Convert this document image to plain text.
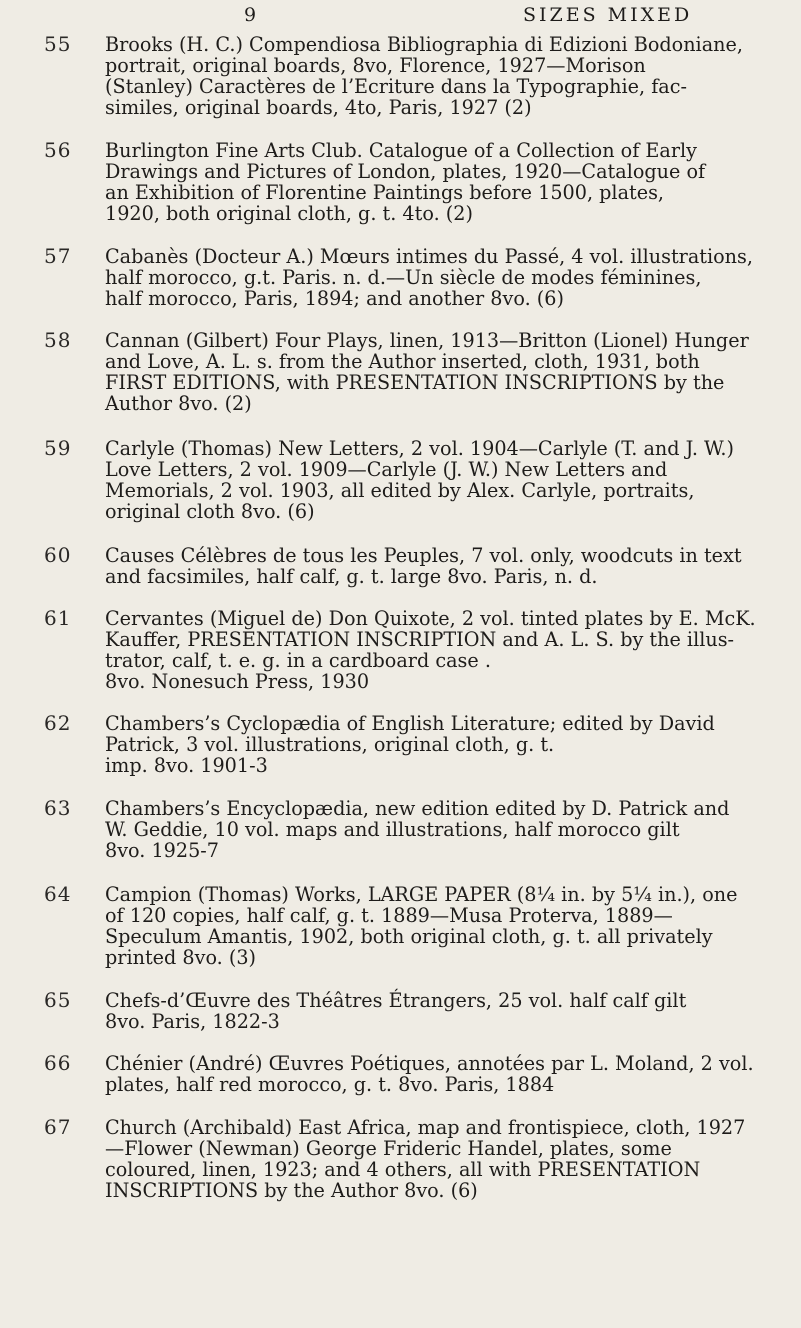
9	SIZES MIXED
55 Brooks (H. C.) Compendiosa Bibliographia di Edizioni Bodoniane,
portrait, original boards, 8vo, Florence, 1927—Morison
(Stanley) Caractères de l’Ecriture dans la Typographie, fac-
similes, original boards, 4to, Paris, 1927 (2)
56 Burlington Fine Arts Club. Catalogue of a Collection of Early
Drawings and Pictures of London, plates, 1920—Catalogue of
an Exhibition of Florentine Paintings before 1500, plates,
1920, both original cloth, g. t. 4to. (2)
57 Cabanès (Docteur A.) Mœurs intimes du Passé, 4 vol. illustrations,
half morocco, g.t. Paris. n. d.—Un siècle de modes féminines,
half morocco, Paris, 1894; and another 8vo. (6)
58 Cannan (Gilbert) Four Plays, linen, 1913—Britton (Lionel) Hunger
and Love, A. L. s. from the Author inserted, cloth, 1931, both
FIRST EDITIONS, with PRESENTATION INSCRIPTIONS by the
Author 8vo. (2)
59 Carlyle (Thomas) New Letters, 2 vol. 1904—Carlyle (T. and J. W.)
Love Letters, 2 vol. 1909—Carlyle (J. W.) New Letters and
Memorials, 2 vol. 1903, all edited by Alex. Carlyle, portraits,
original cloth 8vo. (6)
60 Causes Célèbres de tous les Peuples, 7 vol. only, woodcuts in text
and facsimiles, half calf, g. t. large 8vo. Paris, n. d.
61 Cervantes (Miguel de) Don Quixote, 2 vol. tinted plates by E. McK.
Kauffer, PRESENTATION INSCRIPTION and A. L. S. by the illus-
trator, calf, t. e. g. in a cardboard case .
8vo. Nonesuch Press, 1930
62 Chambers’s Cyclopædia of English Literature; edited by David
Patrick, 3 vol. illustrations, original cloth, g. t.
imp. 8vo. 1901-3
63 Chambers’s Encyclopædia, new edition edited by D. Patrick and
W. Geddie, 10 vol. maps and illustrations, half morocco gilt
8vo. 1925-7
64 Campion (Thomas) Works, LARGE PAPER (8¼ in. by 5¼ in.), one
of 120 copies, half calf, g. t. 1889—Musa Proterva, 1889—
Speculum Amantis, 1902, both original cloth, g. t. all privately
printed 8vo. (3)
65 Chefs-d’Œuvre des Théâtres Étrangers, 25 vol. half calf gilt
8vo. Paris, 1822-3
66 Chénier (André) Œuvres Poétiques, annotées par L. Moland, 2 vol.
plates, half red morocco, g. t. 8vo. Paris, 1884
67 Church (Archibald) East Africa, map and frontispiece, cloth, 1927
—Flower (Newman) George Frideric Handel, plates, some
coloured, linen, 1923; and 4 others, all with PRESENTATION
INSCRIPTIONS by the Author 8vo. (6)
